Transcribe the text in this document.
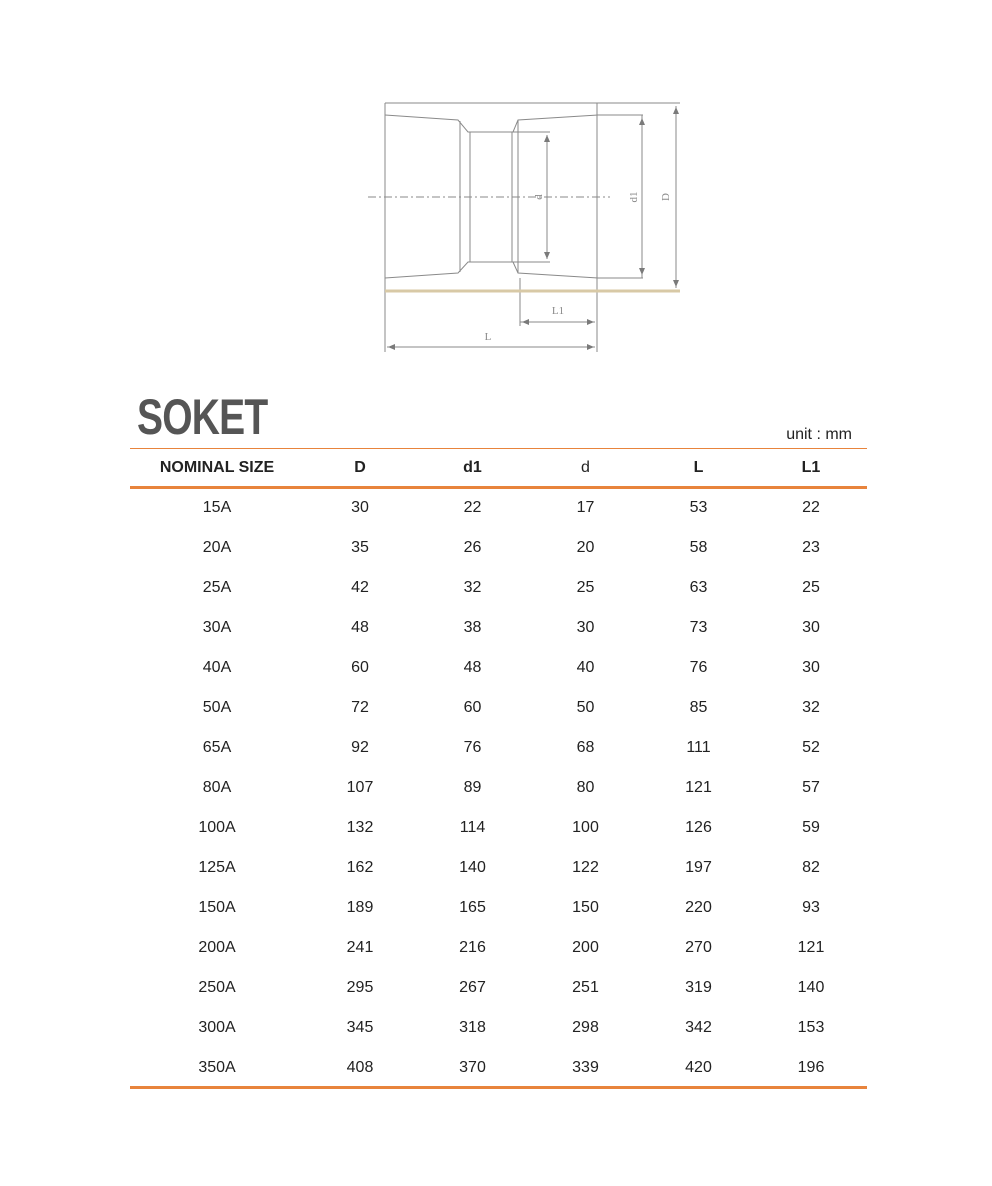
d	d1 D
L1
L
SOKET	unit : mm
NOMINAL SIZE	D	d1	d	L	L1
15A	30	22	17	53	22
20A	35	26	20	58	23
25A	42	32	25	63	25
30A	48	38	30	73	30
40A	60	48	40	76	30
50A	72	60	50	85	32
65A	92	76	68	111	52
80A	107	89	80	121	57
100A	132	114	100	126	59
125A	162	140	122	197	82
150A	189	165	150	220	93
200A	241	216	200	270	121
250A	295	267	251	319	140
300A	345	318	298	342	153
350A	408	370	339	420	196
